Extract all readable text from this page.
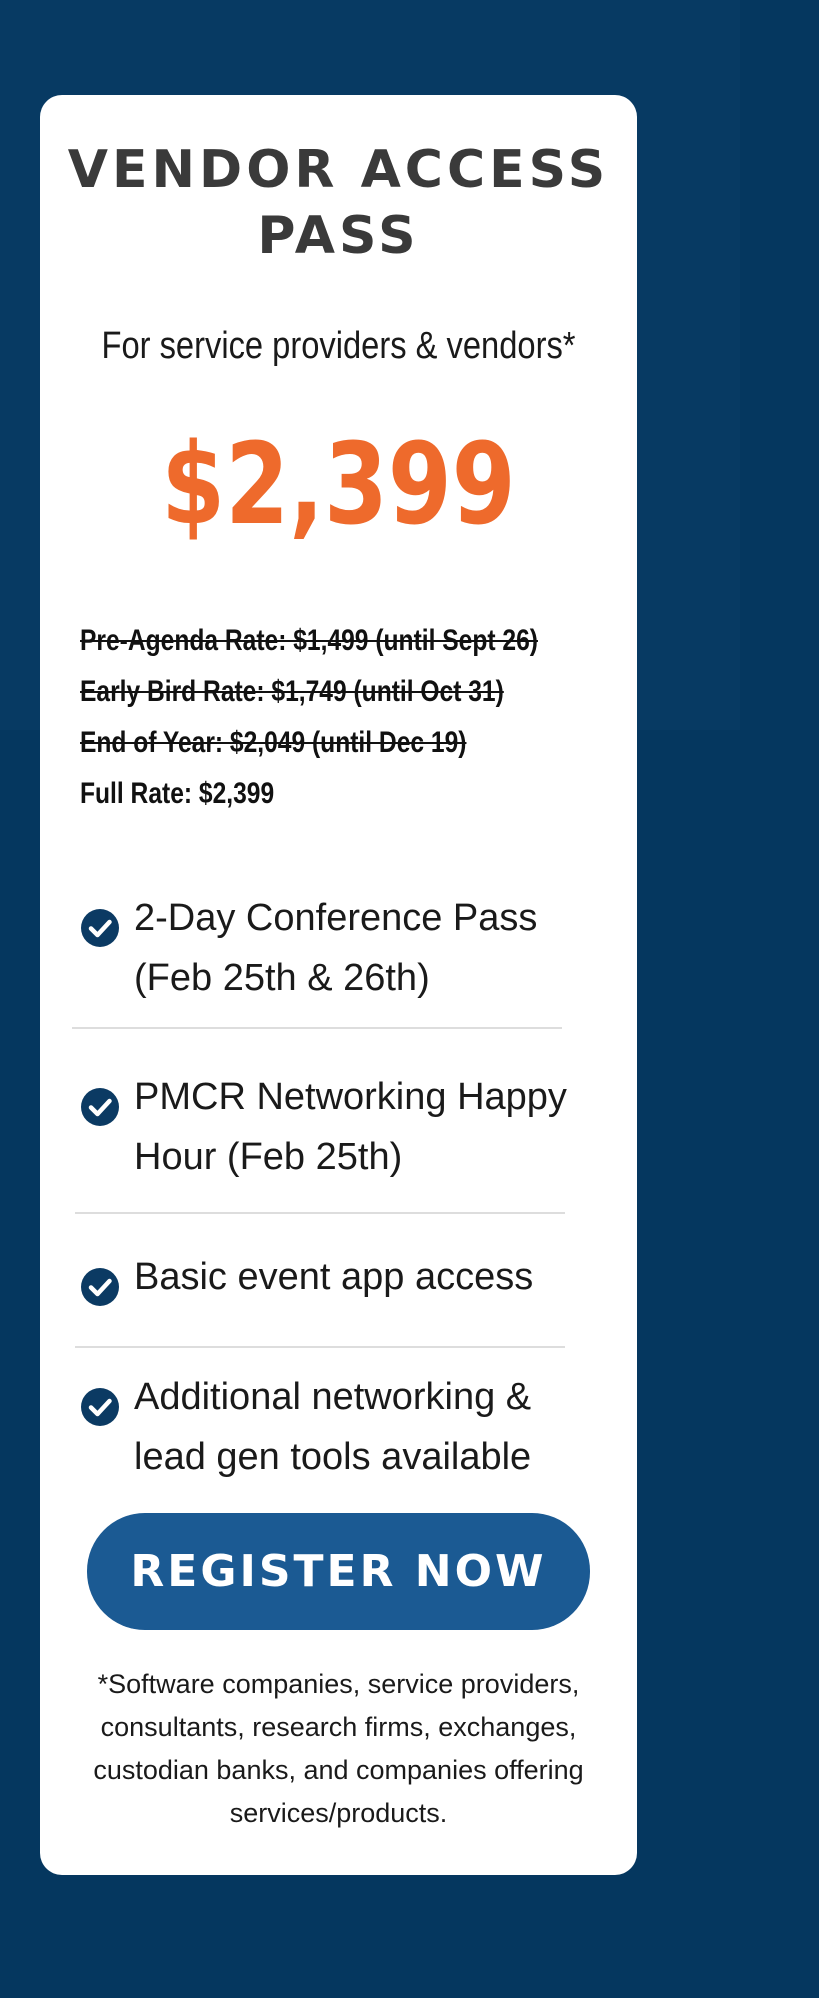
VENDOR ACCESS PASS
For service providers & vendors*
$2,399
Pre-Agenda Rate: $1,499 (until Sept 26)
Early Bird Rate: $1,749 (until Oct 31)
End of Year: $2,049 (until Dec 19)
Full Rate: $2,399
2-Day Conference Pass (Feb 25th & 26th)
PMCR Networking Happy Hour (Feb 25th)
Basic event app access
Additional networking & lead gen tools available
REGISTER NOW
*Software companies, service providers, consultants, research firms, exchanges, custodian banks, and companies offering services/products.
